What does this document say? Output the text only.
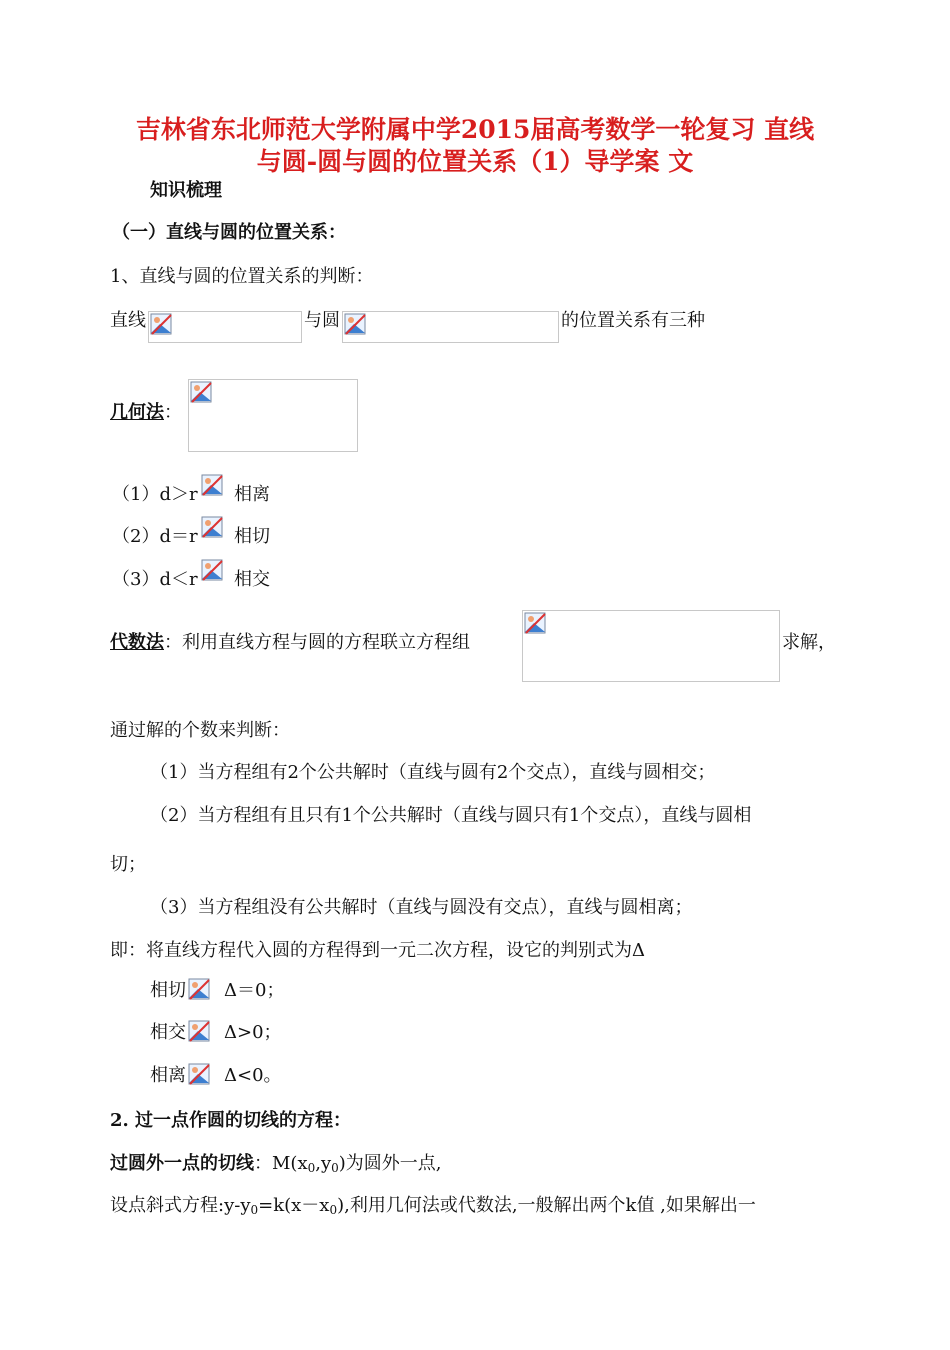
吉林省东北师范大学附属中学2015届高考数学一轮复习 直线
与圆-圆与圆的位置关系（1）导学案 文
知识梳理
（一）直线与圆的位置关系：
1、直线与圆的位置关系的判断：
直线	与圆	的位置关系有三种
几何法：
（1）d＞r 相离
（2）d＝r 相切
（3）d＜r 相交
代数法：利用直线方程与圆的方程联立方程组	求解，
通过解的个数来判断：
（1）当方程组有2个公共解时（直线与圆有2个交点），直线与圆相交；
（2）当方程组有且只有1个公共解时（直线与圆只有1个交点），直线与圆相
切；
（3）当方程组没有公共解时（直线与圆没有交点），直线与圆相离；
即：将直线方程代入圆的方程得到一元二次方程，设它的判别式为Δ
相切 Δ＝0；
相交 Δ>0；
相离 Δ<0。
2. 过一点作圆的切线的方程：
过圆外一点的切线：$M(x_0,y_0)$为圆外一点,
设点斜式方程$:y-y_0=k(x-x_0)$,利用几何法或代数法,一般解出两个k值 ,如果解出一
